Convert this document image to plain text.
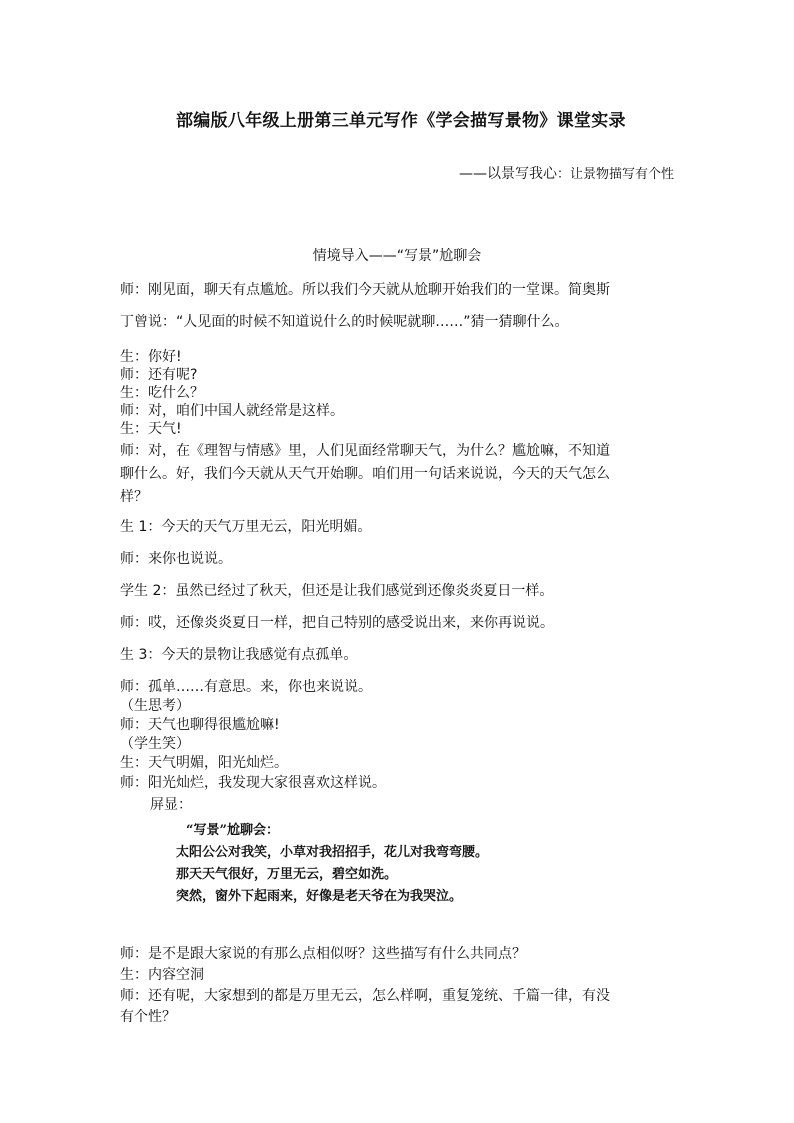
部编版八年级上册第三单元写作《学会描写景物》课堂实录
——以景写我心：让景物描写有个性
情境导入——“写景”尬聊会
师：刚见面，聊天有点尴尬。所以我们今天就从尬聊开始我们的一堂课。简奥斯
丁曾说：“人见面的时候不知道说什么的时候呢就聊……”猜一猜聊什么。
生：你好!
师：还有呢?
生：吃什么？
师：对，咱们中国人就经常是这样。
生：天气!
师：对，在《理智与情感》里，人们见面经常聊天气，为什么？尴尬嘛，不知道
聊什么。好，我们今天就从天气开始聊。咱们用一句话来说说，今天的天气怎么
样？
生 1：今天的天气万里无云，阳光明媚。
师：来你也说说。
学生 2：虽然已经过了秋天，但还是让我们感觉到还像炎炎夏日一样。
师：哎，还像炎炎夏日一样，把自己特别的感受说出来，来你再说说。
生 3：今天的景物让我感觉有点孤单。
师：孤单……有意思。来，你也来说说。
（生思考）
师：天气也聊得很尴尬嘛!
（学生笑）
生：天气明媚，阳光灿烂。
师：阳光灿烂，我发现大家很喜欢这样说。
屏显：
“写景”尬聊会：
太阳公公对我笑，小草对我招招手，花儿对我弯弯腰。
那天天气很好，万里无云，碧空如洗。
突然，窗外下起雨来，好像是老天爷在为我哭泣。
师：是不是跟大家说的有那么点相似呀？这些描写有什么共同点？
生：内容空洞
师：还有呢，大家想到的都是万里无云，怎么样啊，重复笼统、千篇一律，有没
有个性？
